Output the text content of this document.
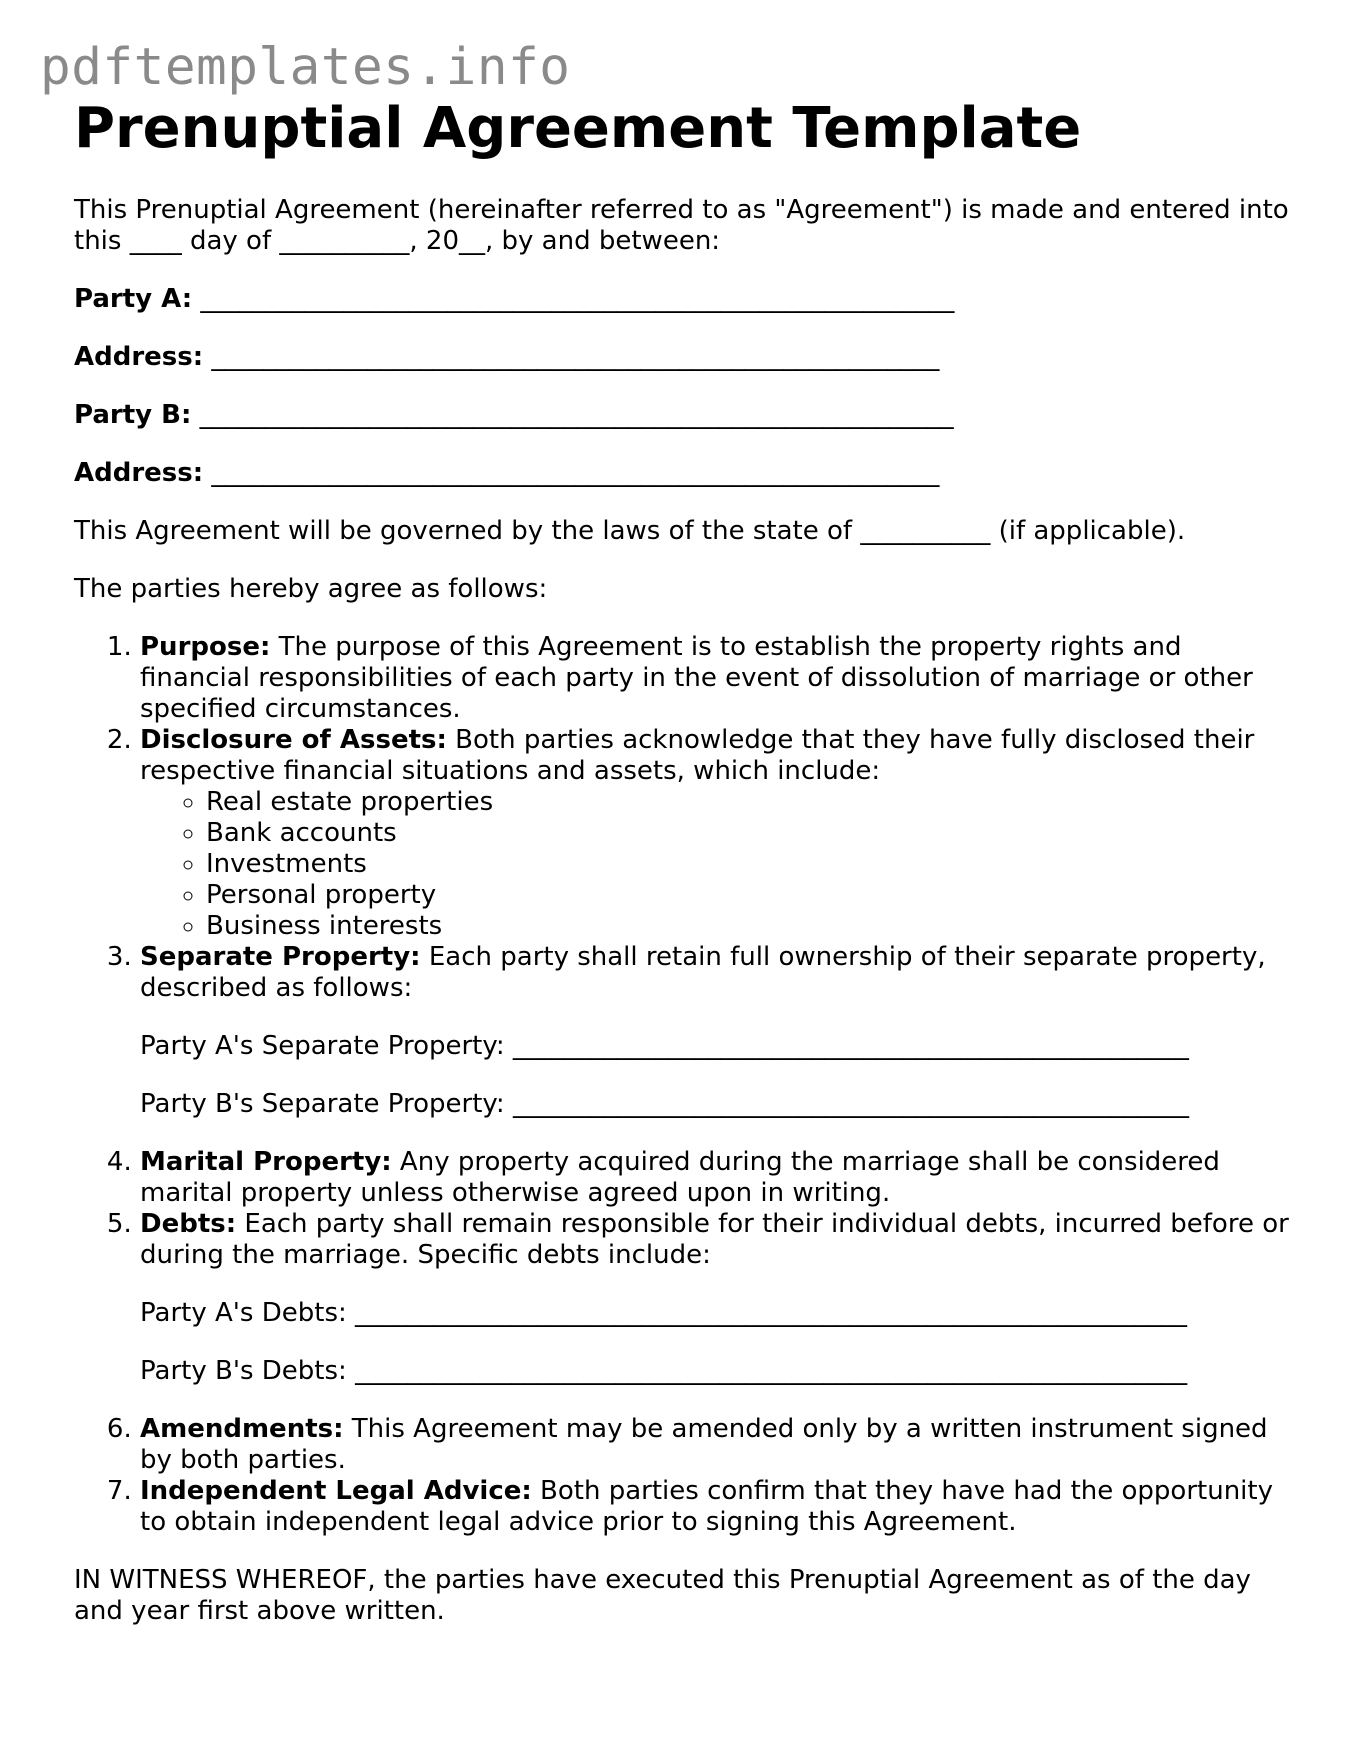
pdftemplates.info
Prenuptial Agreement Template

This Prenuptial Agreement (hereinafter referred to as "Agreement") is made and entered into this ____ day of __________, 20__, by and between:

Party A: __________________________________________________________

Address: ________________________________________________________

Party B: __________________________________________________________

Address: ________________________________________________________

This Agreement will be governed by the laws of the state of __________ (if applicable).

The parties hereby agree as follows:

1. Purpose: The purpose of this Agreement is to establish the property rights and financial responsibilities of each party in the event of dissolution of marriage or other specified circumstances.
2. Disclosure of Assets: Both parties acknowledge that they have fully disclosed their respective financial situations and assets, which include:
◦ Real estate properties
◦ Bank accounts
◦ Investments
◦ Personal property
◦ Business interests
3. Separate Property: Each party shall retain full ownership of their separate property, described as follows:

Party A's Separate Property: ____________________________________________________

Party B's Separate Property: ____________________________________________________

4. Marital Property: Any property acquired during the marriage shall be considered marital property unless otherwise agreed upon in writing.
5. Debts: Each party shall remain responsible for their individual debts, incurred before or during the marriage. Specific debts include:

Party A's Debts: ________________________________________________________________

Party B's Debts: ________________________________________________________________

6. Amendments: This Agreement may be amended only by a written instrument signed by both parties.
7. Independent Legal Advice: Both parties confirm that they have had the opportunity to obtain independent legal advice prior to signing this Agreement.

IN WITNESS WHEREOF, the parties have executed this Prenuptial Agreement as of the day and year first above written.
